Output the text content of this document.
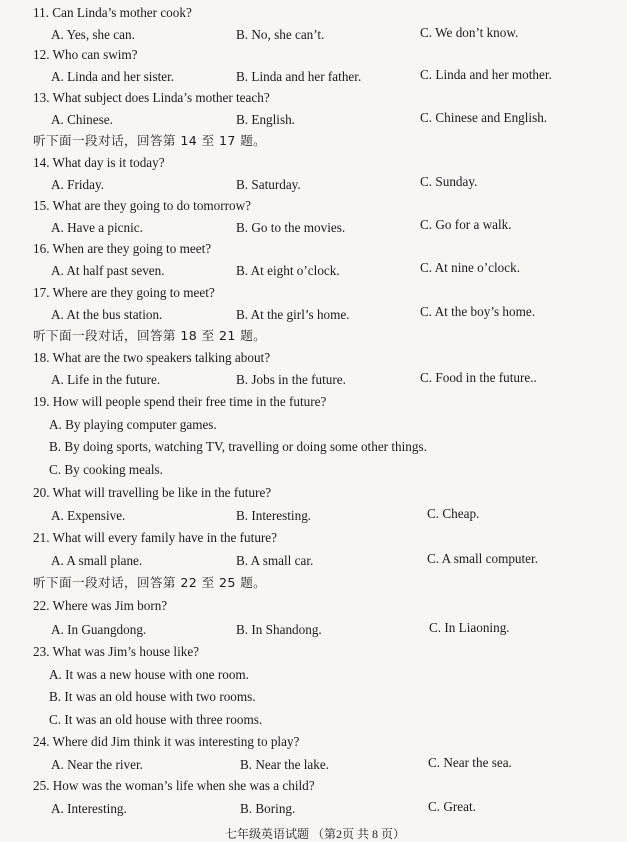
11. Can Linda’s mother cook?
A. Yes, she can.	B. No, she can’t.	C. We don’t know.
12. Who can swim?
A. Linda and her sister.	B. Linda and her father.	C. Linda and her mother.
13. What subject does Linda’s mother teach?
A. Chinese.	B. English.	C. Chinese and English.
听下面一段对话，回答第 14 至 17 题。
14. What day is it today?
A. Friday.	B. Saturday.	C. Sunday.
15. What are they going to do tomorrow?
A. Have a picnic.	B. Go to the movies.	C. Go for a walk.
16. When are they going to meet?
A. At half past seven.	B. At eight o’clock.	C. At nine o’clock.
17. Where are they going to meet?
A. At the bus station.	B. At the girl’s home.	C. At the boy’s home.
听下面一段对话，回答第 18 至 21 题。
18. What are the two speakers talking about?
A. Life in the future.	B. Jobs in the future.	C. Food in the future..
19. How will people spend their free time in the future?
A. By playing computer games.
B. By doing sports, watching TV, travelling or doing some other things.
C. By cooking meals.
20. What will travelling be like in the future?
A. Expensive.	B. Interesting.	C. Cheap.
21. What will every family have in the future?
A. A small plane.	B. A small car.	C. A small computer.
听下面一段对话，回答第 22 至 25 题。
22. Where was Jim born?
A. In Guangdong.	B. In Shandong.	C. In Liaoning.
23. What was Jim’s house like?
A. It was a new house with one room.
B. It was an old house with two rooms.
C. It was an old house with three rooms.
24. Where did Jim think it was interesting to play?
A. Near the river.	B. Near the lake.	C. Near the sea.
25. How was the woman’s life when she was a child?
A. Interesting.	B. Boring.	C. Great.
七年级英语试题 （第2页 共 8 页）
